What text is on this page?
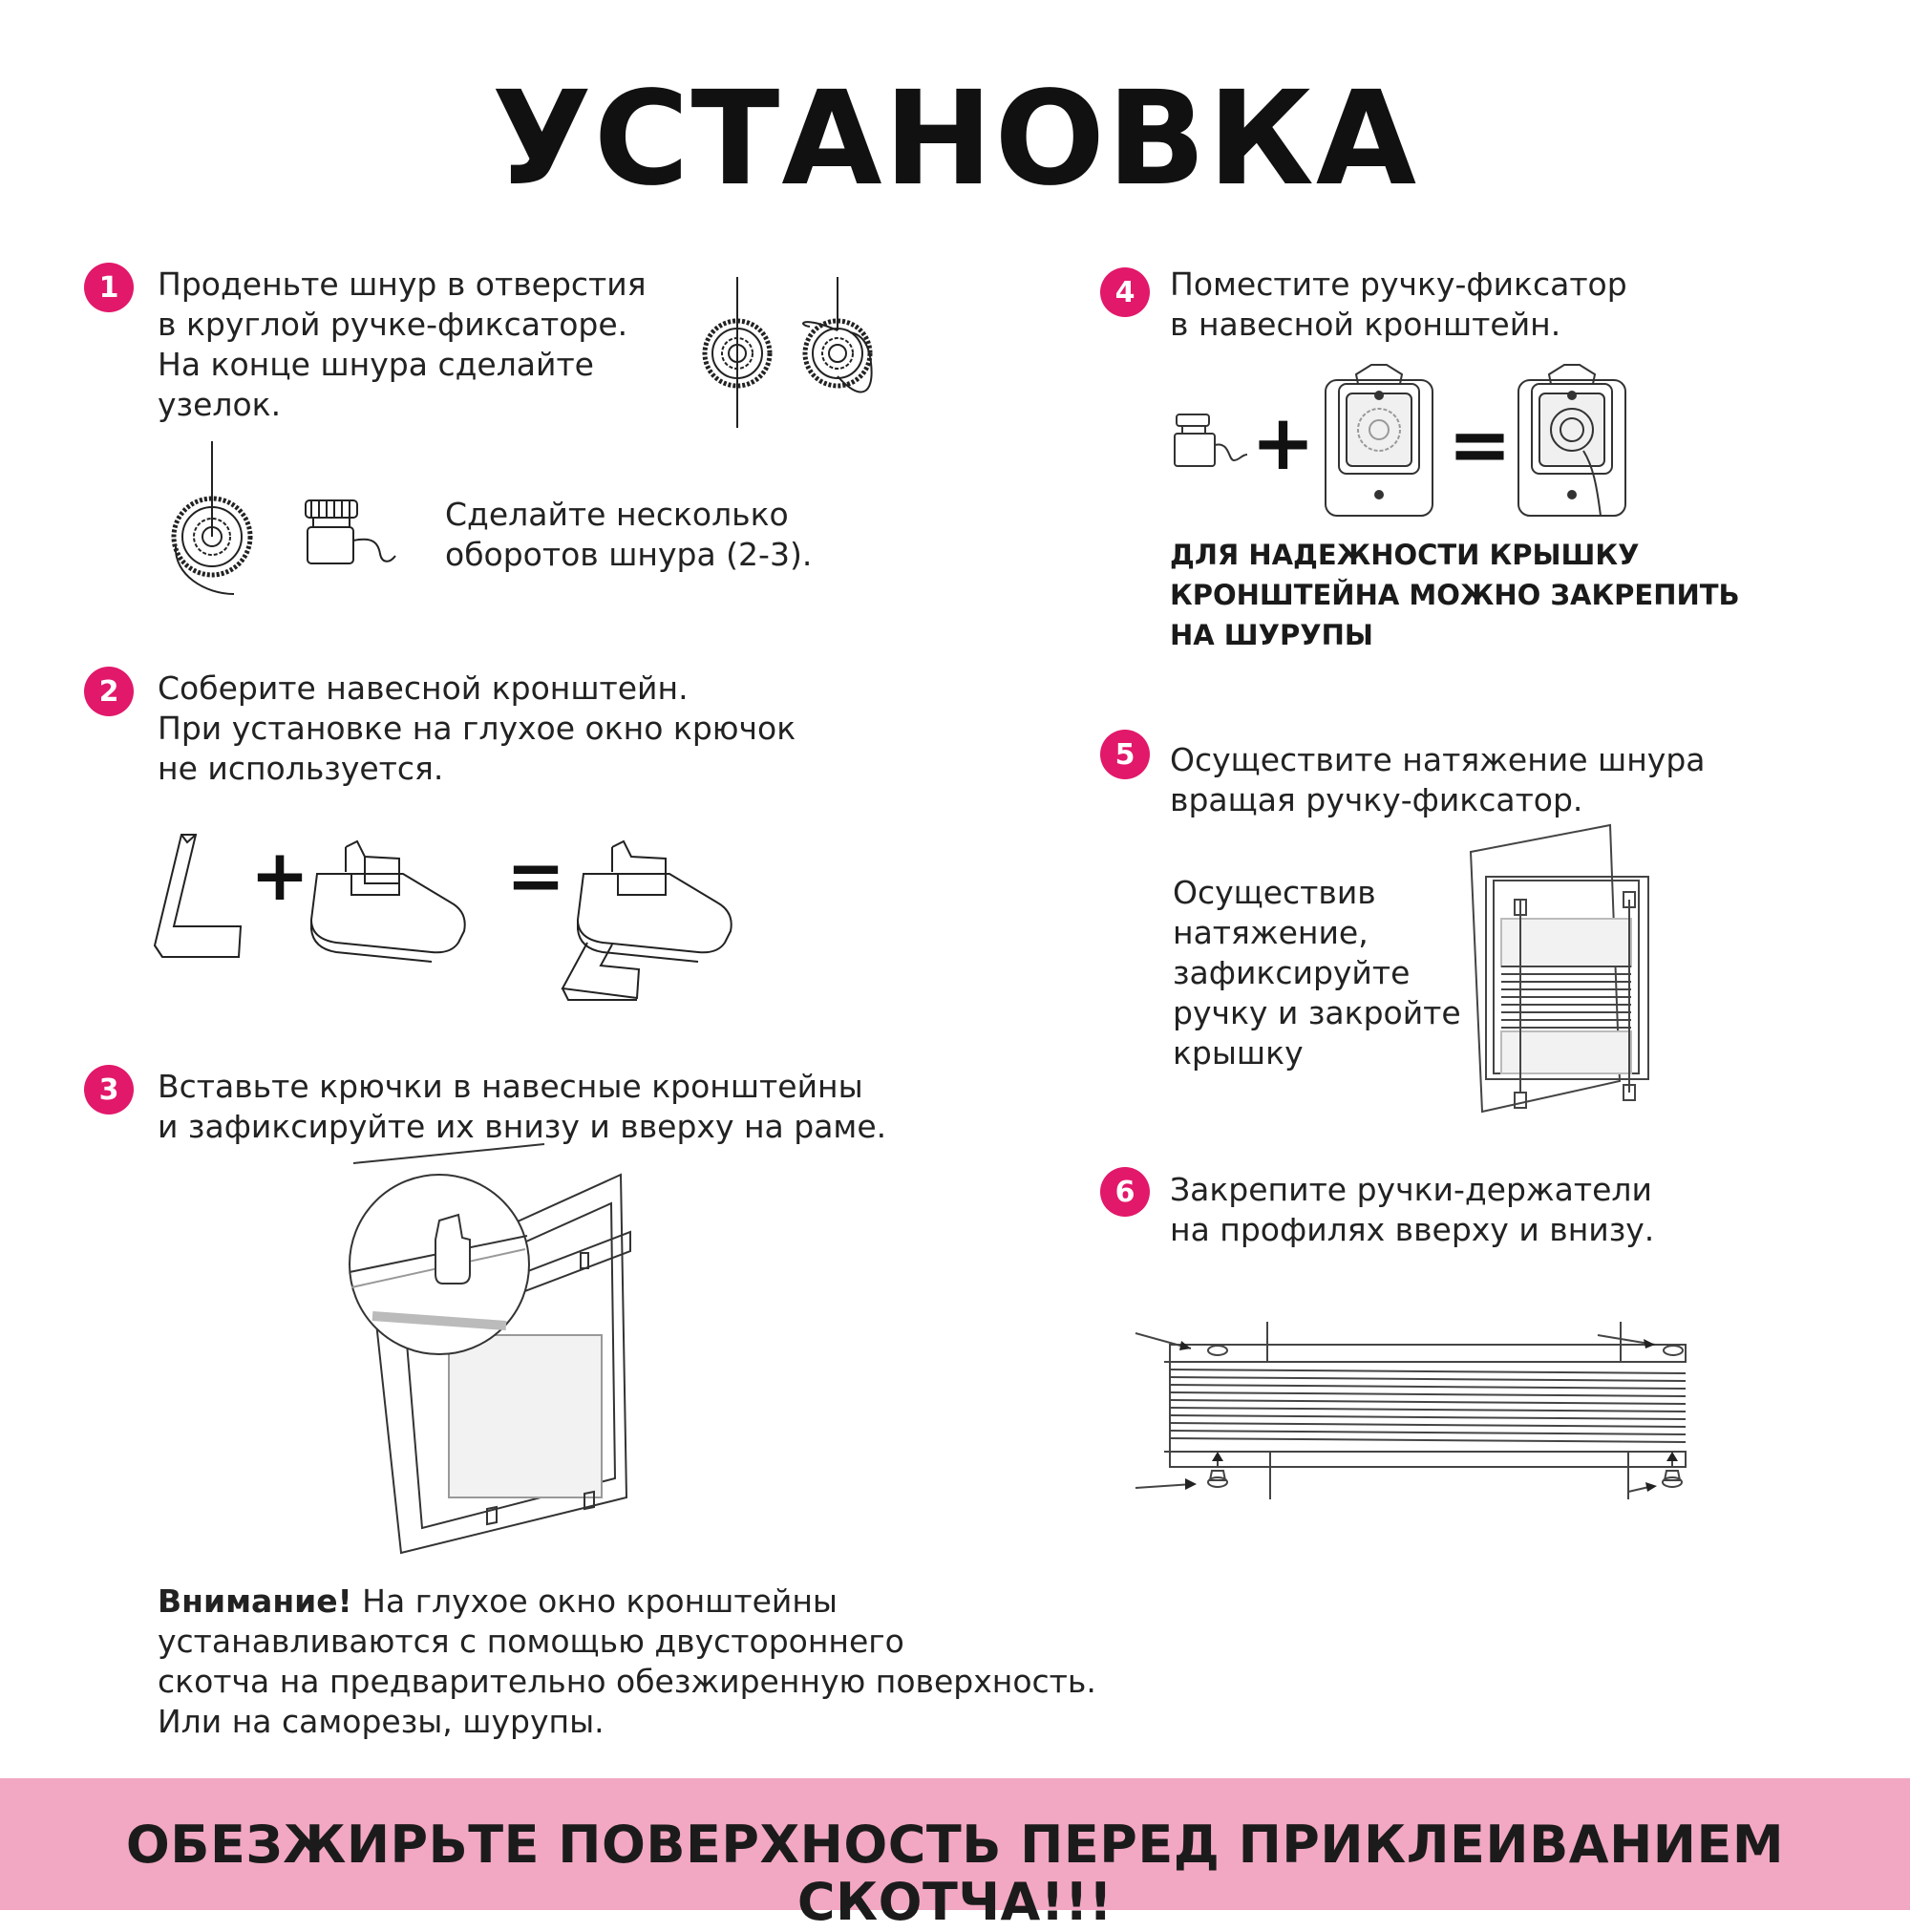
УСТАНОВКА
1	Проденьте шнур в отверстия
в круглой ручке-фиксаторе.
На конце шнура сделайте
узелок.
Сделайте несколько
оборотов шнура (2-3).
2	Соберите навесной кронштейн.
При установке на глухое окно крючок
не используется.
+	=
3	Вставьте крючки в навесные кронштейны
и зафиксируйте их внизу и вверху на раме.
Внимание! На глухое окно кронштейны
устанавливаются с помощью двустороннего
скотча на предварительно обезжиренную поверхность.
Или на саморезы, шурупы.
4	Поместите ручку-фиксатор
в навесной кронштейн.
+ =
ДЛЯ НАДЕЖНОСТИ КРЫШКУ
КРОНШТЕЙНА МОЖНО ЗАКРЕПИТЬ
НА ШУРУПЫ
5	Осуществите натяжение шнура
вращая ручку-фиксатор.
Осуществив
натяжение,
зафиксируйте
ручку и закройте
крышку
6	Закрепите ручки-держатели
на профилях вверху и внизу.
ОБЕЗЖИРЬТЕ ПОВЕРХНОСТЬ ПЕРЕД ПРИКЛЕИВАНИЕМ СКОТЧА!!!
